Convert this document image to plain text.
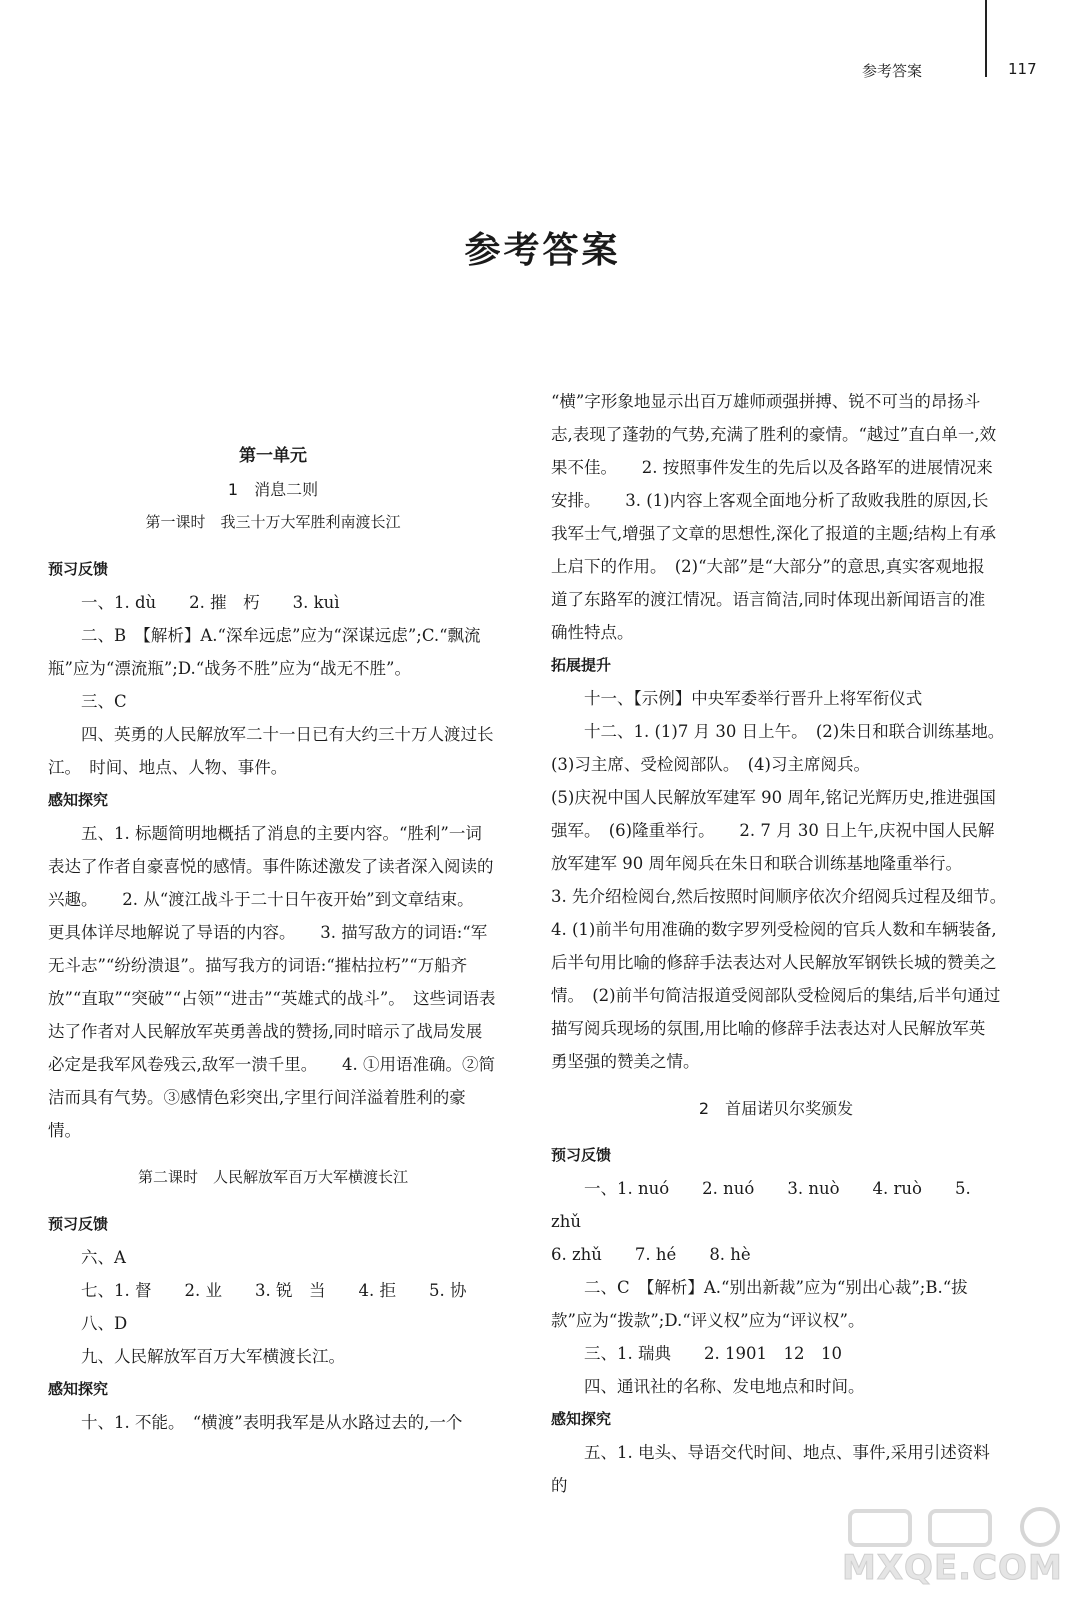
参考答案	117
参考答案

第一单元

1　消息二则

第一课时　我三十万大军胜利南渡长江

预习反馈

一、1. dù　　2. 摧　朽　　3. kuì

二、B　【解析】A.“深牟远虑”应为“深谋远虑”;C.“飘流瓶”应为“漂流瓶”;D.“战务不胜”应为“战无不胜”。

三、C

四、英勇的人民解放军二十一日已有大约三十万人渡过长江。　时间、地点、人物、事件。

感知探究

五、1. 标题简明地概括了消息的主要内容。“胜利”一词表达了作者自豪喜悦的感情。事件陈述激发了读者深入阅读的兴趣。　　2. 从“渡江战斗于二十日午夜开始”到文章结束。　更具体详尽地解说了导语的内容。　　3. 描写敌方的词语:“军无斗志”“纷纷溃退”。描写我方的词语:“摧枯拉朽”“万船齐放”“直取”“突破”“占领”“进击”“英雄式的战斗”。　这些词语表达了作者对人民解放军英勇善战的赞扬,同时暗示了战局发展必定是我军风卷残云,敌军一溃千里。　　4. ①用语准确。②简洁而具有气势。③感情色彩突出,字里行间洋溢着胜利的豪情。

第二课时　人民解放军百万大军横渡长江

预习反馈

六、A

七、1. 督　　2. 业　　3. 锐　当　　4. 拒　　5. 协

八、D

九、人民解放军百万大军横渡长江。

感知探究

十、1. 不能。　“横渡”表明我军是从水路过去的,一个

“横”字形象地显示出百万雄师顽强拼搏、锐不可当的昂扬斗志,表现了蓬勃的气势,充满了胜利的豪情。“越过”直白单一,效果不佳。　　2. 按照事件发生的先后以及各路军的进展情况来安排。　　3. (1)内容上客观全面地分析了敌败我胜的原因,长我军士气,增强了文章的思想性,深化了报道的主题;结构上有承上启下的作用。　(2)“大部”是“大部分”的意思,真实客观地报道了东路军的渡江情况。语言简洁,同时体现出新闻语言的准确性特点。

拓展提升

十一、【示例】中央军委举行晋升上将军衔仪式

十二、1. (1)7 月 30 日上午。　(2)朱日和联合训练基地。　(3)习主席、受检阅部队。　(4)习主席阅兵。

(5)庆祝中国人民解放军建军 90 周年,铭记光辉历史,推进强国强军。　(6)隆重举行。　　2. 7 月 30 日上午,庆祝中国人民解放军建军 90 周年阅兵在朱日和联合训练基地隆重举行。　　3. 先介绍检阅台,然后按照时间顺序依次介绍阅兵过程及细节。　　4. (1)前半句用准确的数字罗列受检阅的官兵人数和车辆装备,后半句用比喻的修辞手法表达对人民解放军钢铁长城的赞美之情。　(2)前半句简洁报道受阅部队受检阅后的集结,后半句通过描写阅兵现场的氛围,用比喻的修辞手法表达对人民解放军英勇坚强的赞美之情。

2　首届诺贝尔奖颁发

预习反馈

一、1. nuó　　2. nuó　　3. nuò　　4. ruò　　5. zhǔ

6. zhǔ　　7. hé　　8. hè

二、C　【解析】A.“别出新裁”应为“别出心裁”;B.“拔款”应为“拨款”;D.“评义权”应为“评议权”。

三、1. 瑞典　　2. 1901　12　10

四、通讯社的名称、发电地点和时间。

感知探究

五、1. 电头、导语交代时间、地点、事件,采用引述资料的

MXQE.COM
